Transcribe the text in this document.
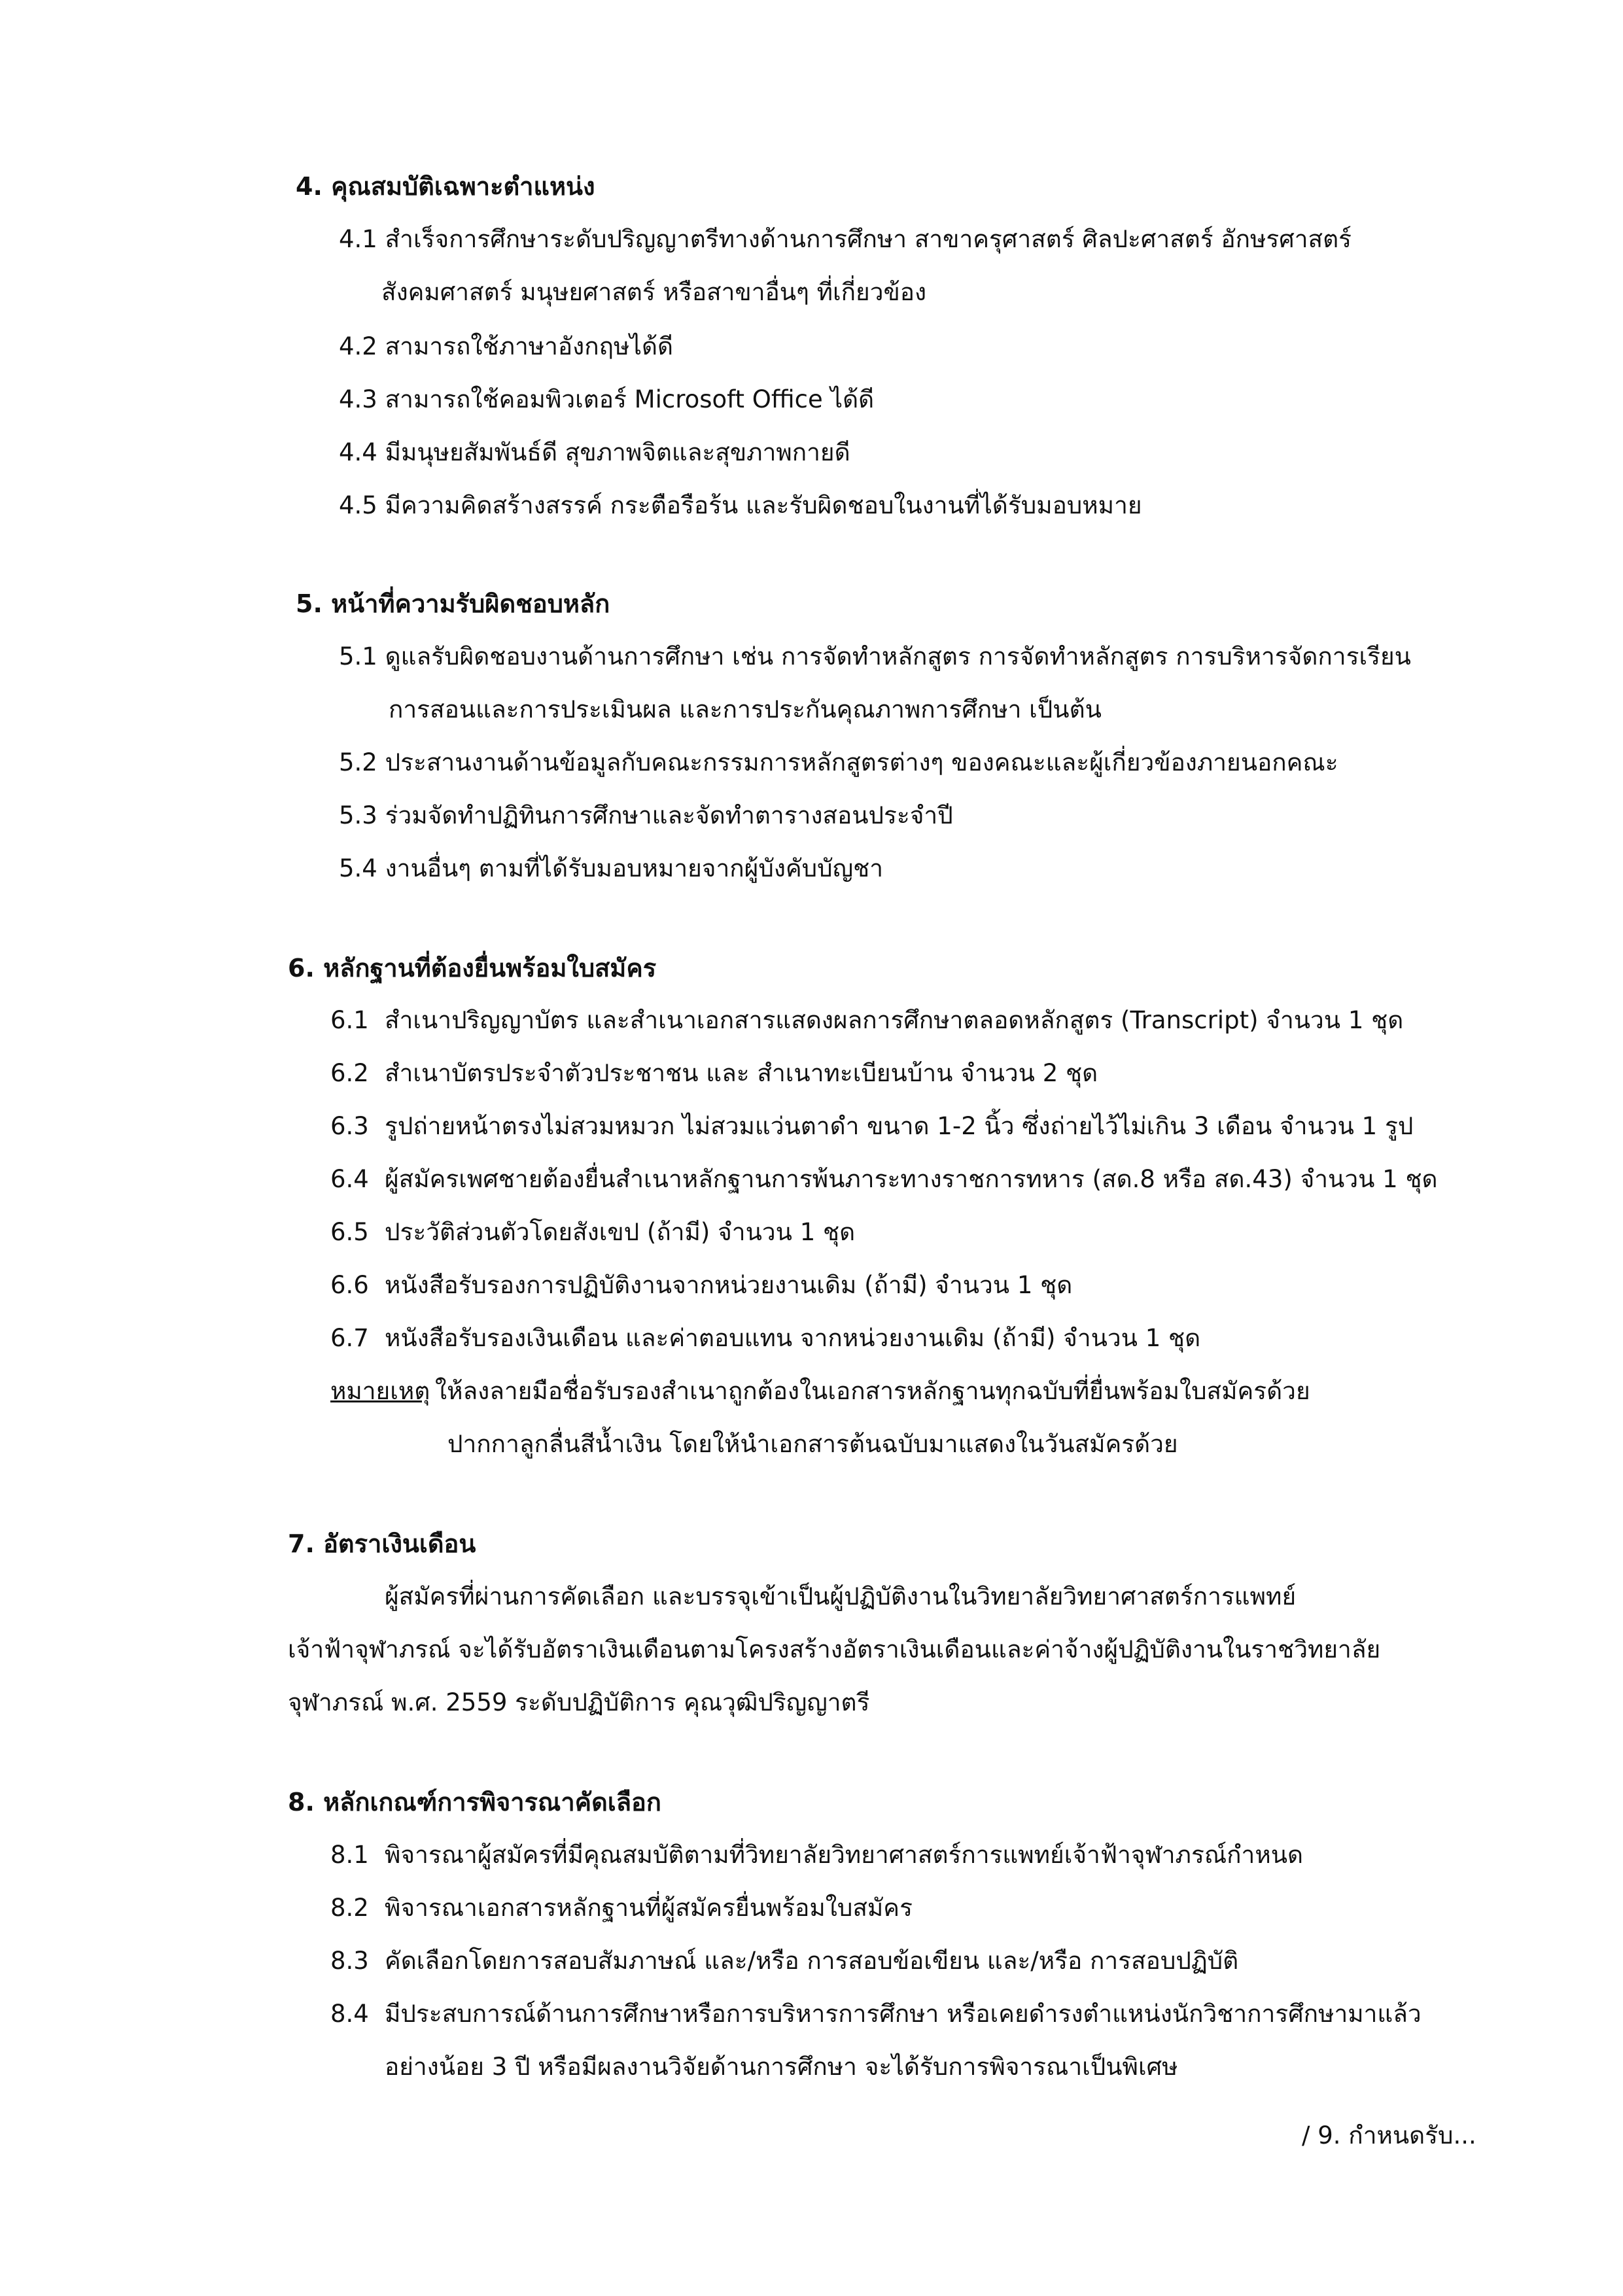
4. คุณสมบัติเฉพาะตำแหน่ง
4.1 สำเร็จการศึกษาระดับปริญญาตรีทางด้านการศึกษา สาขาครุศาสตร์ ศิลปะศาสตร์ อักษรศาสตร์
สังคมศาสตร์ มนุษยศาสตร์ หรือสาขาอื่นๆ ที่เกี่ยวข้อง
4.2 สามารถใช้ภาษาอังกฤษได้ดี
4.3 สามารถใช้คอมพิวเตอร์ Microsoft Office ได้ดี
4.4 มีมนุษยสัมพันธ์ดี สุขภาพจิตและสุขภาพกายดี
4.5 มีความคิดสร้างสรรค์ กระตือรือร้น และรับผิดชอบในงานที่ได้รับมอบหมาย
5. หน้าที่ความรับผิดชอบหลัก
5.1 ดูแลรับผิดชอบงานด้านการศึกษา เช่น การจัดทำหลักสูตร การจัดทำหลักสูตร การบริหารจัดการเรียน
การสอนและการประเมินผล และการประกันคุณภาพการศึกษา เป็นต้น
5.2 ประสานงานด้านข้อมูลกับคณะกรรมการหลักสูตรต่างๆ ของคณะและผู้เกี่ยวข้องภายนอกคณะ
5.3 ร่วมจัดทำปฏิทินการศึกษาและจัดทำตารางสอนประจำปี
5.4 งานอื่นๆ ตามที่ได้รับมอบหมายจากผู้บังคับบัญชา
6. หลักฐานที่ต้องยื่นพร้อมใบสมัคร
6.1 สำเนาปริญญาบัตร และสำเนาเอกสารแสดงผลการศึกษาตลอดหลักสูตร (Transcript) จำนวน 1 ชุด
6.2 สำเนาบัตรประจำตัวประชาชน และ สำเนาทะเบียนบ้าน จำนวน 2 ชุด
6.3 รูปถ่ายหน้าตรงไม่สวมหมวก ไม่สวมแว่นตาดำ ขนาด 1-2 นิ้ว ซึ่งถ่ายไว้ไม่เกิน 3 เดือน จำนวน 1 รูป
6.4 ผู้สมัครเพศชายต้องยื่นสำเนาหลักฐานการพ้นภาระทางราชการทหาร (สด.8 หรือ สด.43) จำนวน 1 ชุด
6.5 ประวัติส่วนตัวโดยสังเขป (ถ้ามี) จำนวน 1 ชุด
6.6 หนังสือรับรองการปฏิบัติงานจากหน่วยงานเดิม (ถ้ามี) จำนวน 1 ชุด
6.7 หนังสือรับรองเงินเดือน และค่าตอบแทน จากหน่วยงานเดิม (ถ้ามี) จำนวน 1 ชุด
หมายเหตุ ให้ลงลายมือชื่อรับรองสำเนาถูกต้องในเอกสารหลักฐานทุกฉบับที่ยื่นพร้อมใบสมัครด้วย
ปากกาลูกลื่นสีน้ำเงิน โดยให้นำเอกสารต้นฉบับมาแสดงในวันสมัครด้วย
7. อัตราเงินเดือน
ผู้สมัครที่ผ่านการคัดเลือก และบรรจุเข้าเป็นผู้ปฏิบัติงานในวิทยาลัยวิทยาศาสตร์การแพทย์
เจ้าฟ้าจุฬาภรณ์ จะได้รับอัตราเงินเดือนตามโครงสร้างอัตราเงินเดือนและค่าจ้างผู้ปฏิบัติงานในราชวิทยาลัย
จุฬาภรณ์ พ.ศ. 2559 ระดับปฏิบัติการ คุณวุฒิปริญญาตรี
8. หลักเกณฑ์การพิจารณาคัดเลือก
8.1 พิจารณาผู้สมัครที่มีคุณสมบัติตามที่วิทยาลัยวิทยาศาสตร์การแพทย์เจ้าฟ้าจุฬาภรณ์กำหนด
8.2 พิจารณาเอกสารหลักฐานที่ผู้สมัครยื่นพร้อมใบสมัคร
8.3 คัดเลือกโดยการสอบสัมภาษณ์ และ/หรือ การสอบข้อเขียน และ/หรือ การสอบปฏิบัติ
8.4 มีประสบการณ์ด้านการศึกษาหรือการบริหารการศึกษา หรือเคยดำรงตำแหน่งนักวิชาการศึกษามาแล้ว
อย่างน้อย 3 ปี หรือมีผลงานวิจัยด้านการศึกษา จะได้รับการพิจารณาเป็นพิเศษ
/ 9. กำหนดรับ...
